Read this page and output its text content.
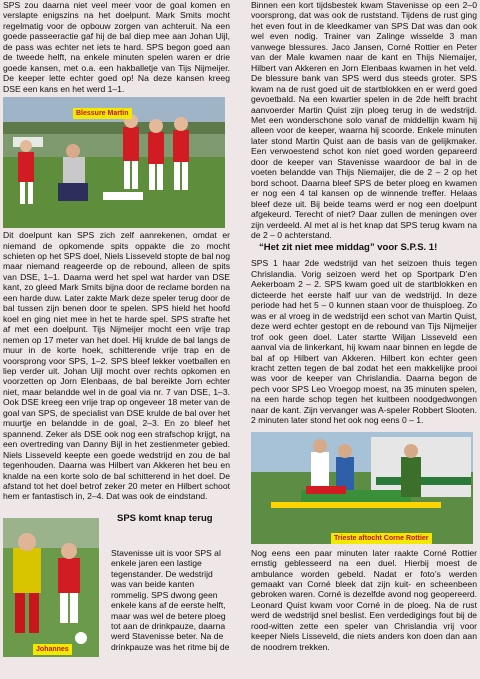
SPS zou daarna niet veel meer voor de goal komen en verslapte enigszins na het doelpunt. Mark Smits mocht regelmatig voor de opbouw zorgen van achteruit. Na een goede passeeractie gaf hij de bal diep mee aan Johan Uijl, de pass was echter net iets te hard. SPS begon goed aan de tweede helft, na enkele minuten spelen waren er drie goede kansen, met o.a. een hakballetje van Tijs Nijmeijer. De keeper lette echter goed op! Na deze kansen kreeg DSE een kans en het werd 1–1.

Blessure Martin

Dit doelpunt kan SPS zich zelf aanrekenen, omdat er niemand de opkomende spits oppakte die zo mocht schieten op het SPS doel, Niels Lisseveld stopte de bal nog maar niemand reageerde op de rebound, alleen de spits van DSE, 1–1. Daarna werd het spel wat harder van DSE kant, zo gleed Mark Smits bijna door de reclame borden na een harde duw. Later zakte Mark deze speler terug door de bal tussen zijn benen door te spelen. SPS hield het hoofd koel en ging niet mee in het te harde spel. SPS strafte het af met een doelpunt. Tijs Nijmeijer mocht een vrije trap nemen op 17 meter van het doel. Hij krulde de bal langs de muur in de korte hoek, schitterende vrije trap en de voorsprong voor SPS, 1–2. SPS bleef lekker voetballen en liep verder uit. Johan Uijl mocht over rechts opkomen en voorzetten op Jorn Elenbaas, de bal bereikte Jorn echter niet, maar belandde wel in de goal via nr. 7 van DSE, 1–3. Ook DSE kreeg een vrije trap op ongeveer 18 meter van de goal van SPS, de specialist van DSE krulde de bal over het muurtje en belandde in de goal, 2–3. En zo bleef het spannend. Zeker als DSE ook nog een strafschop krijgt, na een overtreding van Danny Bijl in het zestienmeter gebied. Niels Lisseveld keepte een goede wedstrijd en zou de bal tegenhouden. Daarna was Hilbert van Akkeren het beu en knalde na een korte solo de bal schitterend in het doel. De afstand tot het doel betrof zeker 20 meter en Hilbert schoot hem er fantastisch in, 2–4. Dat was ook de eindstand.

Johannes
SPS komt knap terug

Stavenisse uit is voor SPS al enkele jaren een lastige tegenstander. De wedstrijd was van beide kanten rommelig. SPS dwong geen enkele kans af de eerste helft, maar was wel de betere ploeg tot aan de drinkpauze, daarna werd Stavenisse beter. Na de drinkpauze was het ritme bij de

Binnen een kort tijdsbestek kwam Stavenisse op een 2–0 voorsprong, dat was ook de ruststand. Tijdens de rust ging het even fout in de kleedkamer van SPS Dat was dan ook wel even nodig. Trainer van Zalinge wisselde 3 man vanwege blessures. Jaco Jansen, Corné Rottier en Peter van der Male kwamen naar de kant en Thijs Niemaijer, Hilbert van Akkeren en Jorn Elenbaas kwamen in het veld. De blessure bank van SPS werd dus steeds groter. SPS kwam na de rust goed uit de startblokken en er werd goed gevoetbald. Na een kwartier spelen in de 2de helft bracht aanvoerder Martin Quist zijn ploeg terug in de wedstrijd. Met een wonderschone solo vanaf de middellijn kwam hij alleen voor de keeper, waarna hij scoorde. Enkele minuten later stond Martin Quist aan de basis van de gelijkmaker. Een verwoestend schot kon niet goed worden gepareerd door de keeper van Stavenisse waardoor de bal in de voeten belandde van Thijs Niemaijer, die de 2 – 2 op het bord schoot. Daarna bleef SPS de beter ploeg en kwamen er nog een 4 tal kansen op de winnende treffer. Helaas bleef deze uit. Bij beide teams werd er nog een doelpunt afgekeurd. Terecht of niet? Daar zullen de meningen over zijn verdeeld. Al met al is het knap dat SPS terug kwam na de 2 – 0 achterstand.

“Het zit niet mee middag” voor S.P.S. 1!

SPS 1 haar 2de wedstrijd van het seizoen thuis tegen Chrislandia. Vorig seizoen werd het op Sportpark D’en Aekerboam 2 – 2. SPS kwam goed uit de startblokken en dicteerde het eerste half uur van de wedstrijd. In deze periode had het 5 – 0 kunnen staan voor de thuisploeg. Zo was er al vroeg in de wedstrijd een schot van Martin Quist, deze werd echter gestopt en de rebound van Tijs Nijmeijer trof ook geen doel. Later startte Wiljan Lisseveld een aanval via de linkerkant, hij kwam naar binnen en legde de bal af op Hilbert van Akkeren. Hilbert kon echter geen kracht zetten tegen de bal zodat het een makkelijke prooi was voor de keeper van Chrislandia. Daarna begon de pech voor SPS Leo Vroegop moest, na 35 minuten spelen, na een harde schop tegen het kuitbeen noodgedwongen naar de kant. Zijn vervanger was A-speler Robbert Slooten. 2 minuten later stond het ook nog eens 0 – 1.

Trieste aftocht Corne Rottier

Nog eens een paar minuten later raakte Corné Rottier ernstig geblesseerd na een duel. Hierbij moest de ambulance worden gebeld. Nadat er foto’s werden gemaakt van Corné bleek dat zijn kuit- en scheenbeen gebroken waren. Corné is dezelfde avond nog geopereerd. Leonard Quist kwam voor Corné in de ploeg. Na de rust werd de wedstrijd snel beslist. Een verdedigings fout bij de rood-witten zette een speler van Chrislandia vrij voor keeper Niels Lisseveld, die niets anders kon doen dan aan de noodrem trekken.
